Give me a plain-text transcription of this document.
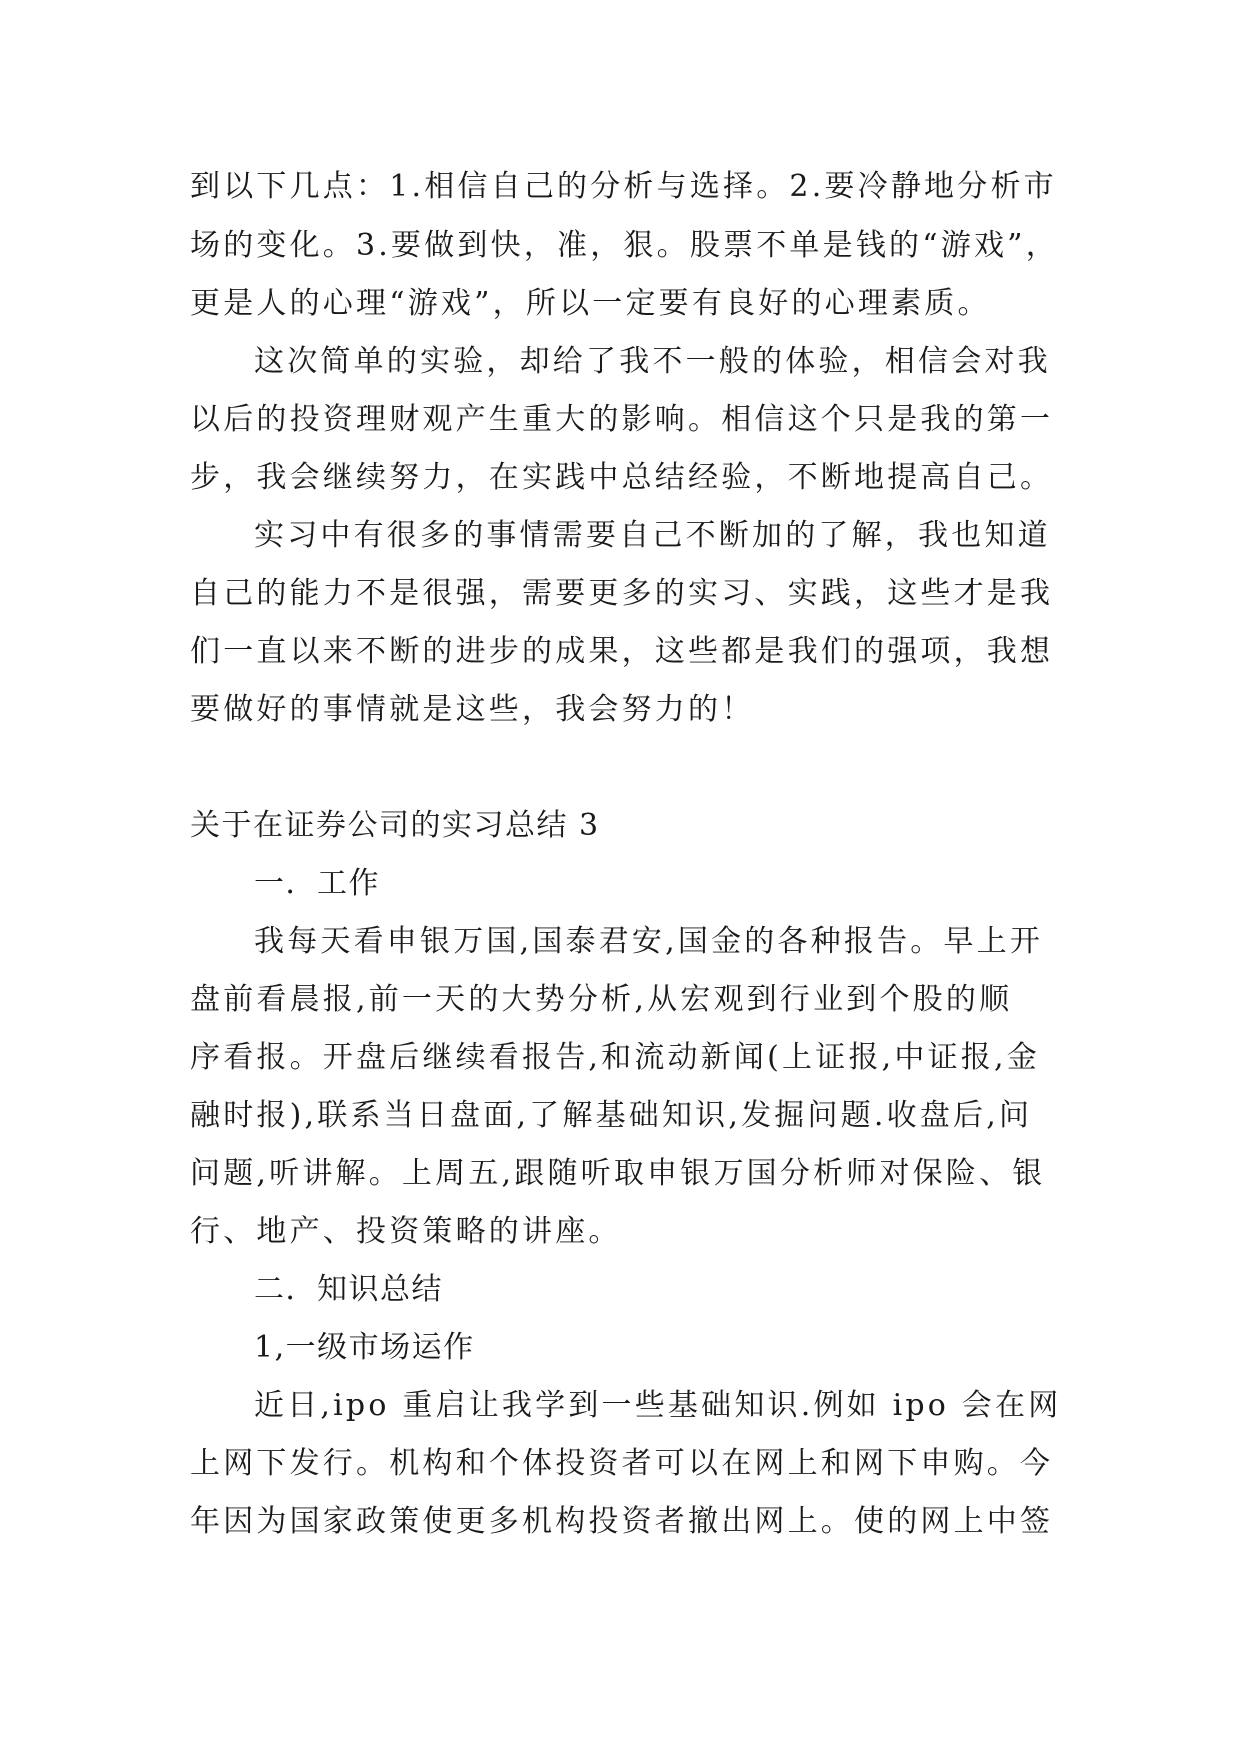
到以下几点：1.相信自己的分析与选择。2.要冷静地分析市
场的变化。3.要做到快，准，狠。股票不单是钱的“游戏”，
更是人的心理“游戏”，所以一定要有良好的心理素质。
这次简单的实验，却给了我不一般的体验，相信会对我
以后的投资理财观产生重大的影响。相信这个只是我的第一
步，我会继续努力，在实践中总结经验，不断地提高自己。
实习中有很多的事情需要自己不断加的了解，我也知道
自己的能力不是很强，需要更多的实习、实践，这些才是我
们一直以来不断的进步的成果，这些都是我们的强项，我想
要做好的事情就是这些，我会努力的！
关于在证券公司的实习总结 3
一．工作
我每天看申银万国,国泰君安,国金的各种报告。早上开
盘前看晨报,前一天的大势分析,从宏观到行业到个股的顺
序看报。开盘后继续看报告,和流动新闻(上证报,中证报,金
融时报),联系当日盘面,了解基础知识,发掘问题.收盘后,问
问题,听讲解。上周五,跟随听取申银万国分析师对保险、银
行、地产、投资策略的讲座。
二．知识总结
1,一级市场运作
近日,ipo 重启让我学到一些基础知识.例如 ipo 会在网
上网下发行。机构和个体投资者可以在网上和网下申购。今
年因为国家政策使更多机构投资者撤出网上。使的网上中签
